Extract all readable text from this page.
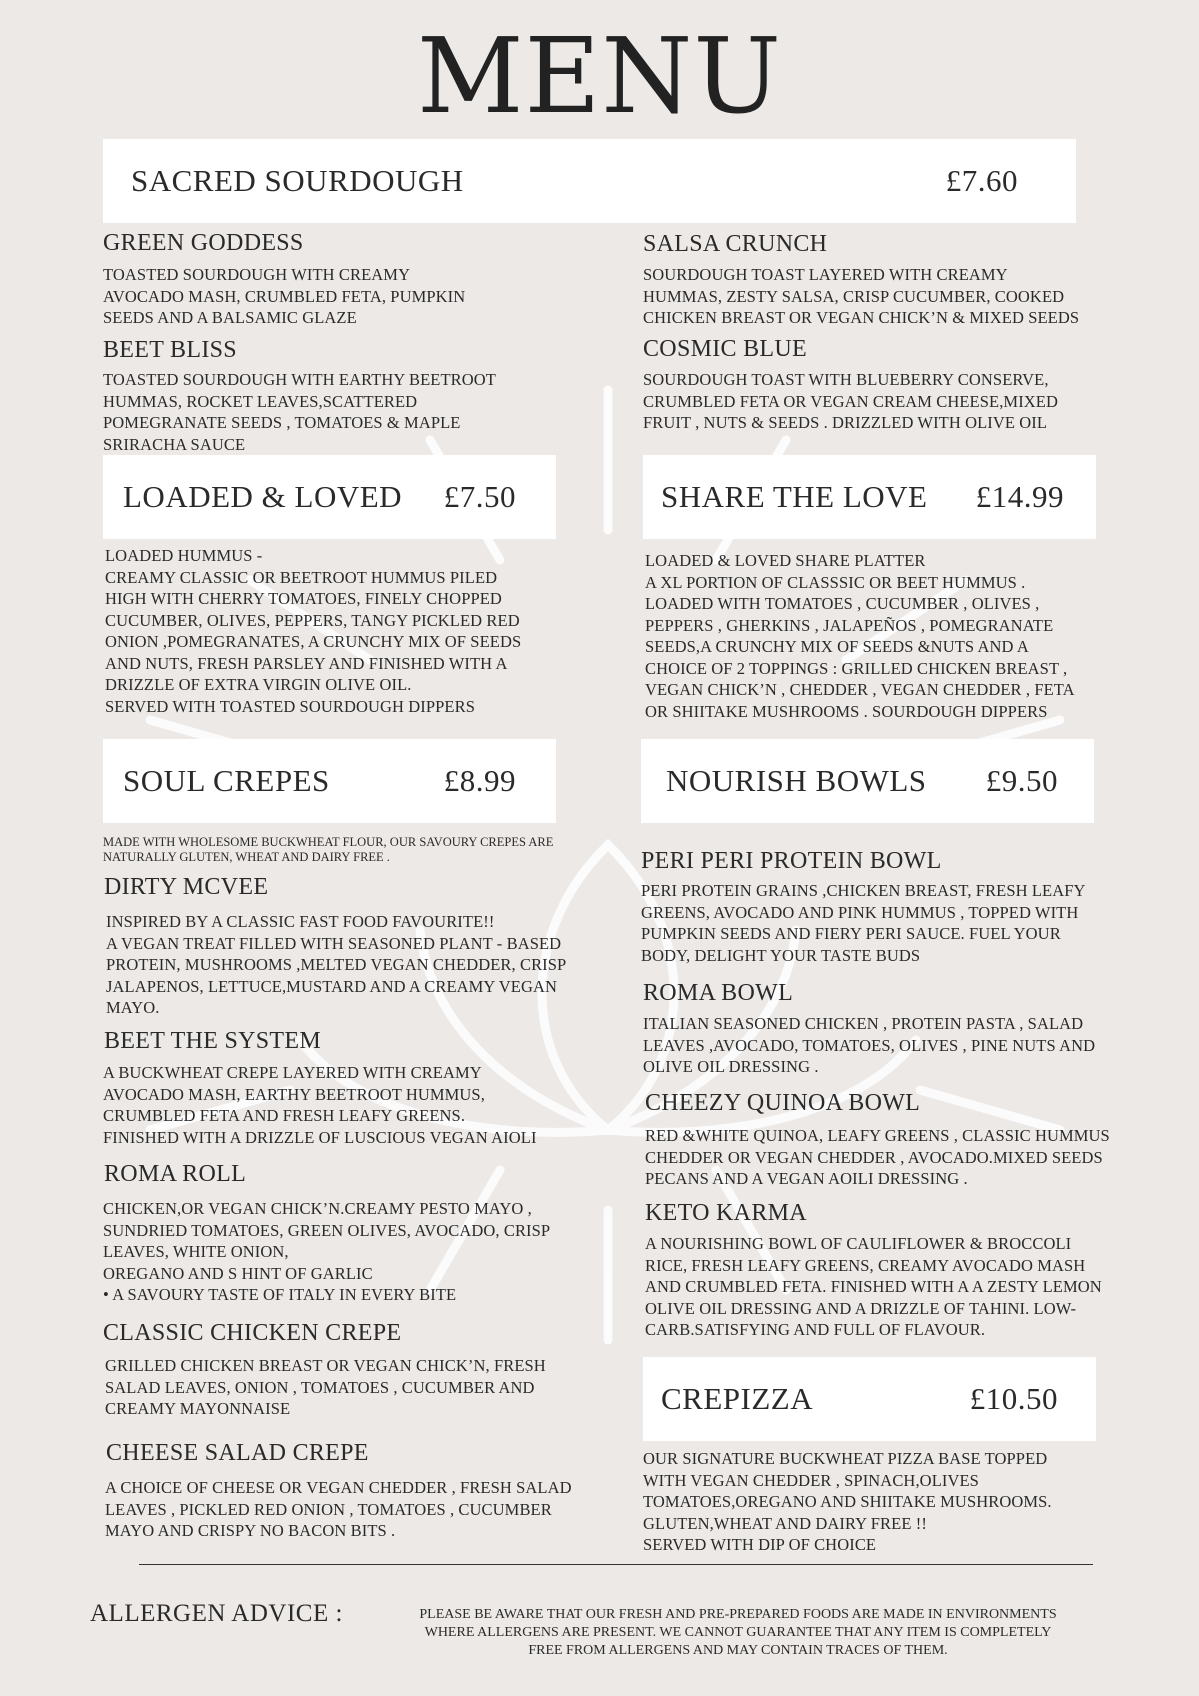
MENU
SACRED SOURDOUGH	£7.60
GREEN GODDESS
TOASTED SOURDOUGH WITH CREAMY
AVOCADO MASH, CRUMBLED FETA, PUMPKIN
SEEDS AND A BALSAMIC GLAZE
SALSA CRUNCH
SOURDOUGH TOAST LAYERED WITH CREAMY
HUMMAS, ZESTY SALSA, CRISP CUCUMBER, COOKED
CHICKEN BREAST OR VEGAN CHICK’N & MIXED SEEDS
BEET BLISS
TOASTED SOURDOUGH WITH EARTHY BEETROOT
HUMMAS, ROCKET LEAVES,SCATTERED
POMEGRANATE SEEDS , TOMATOES & MAPLE
SRIRACHA SAUCE
COSMIC BLUE
SOURDOUGH TOAST WITH BLUEBERRY CONSERVE,
CRUMBLED FETA OR VEGAN CREAM CHEESE,MIXED
FRUIT , NUTS & SEEDS . DRIZZLED WITH OLIVE OIL
LOADED & LOVED £7.50	SHARE THE LOVE £14.99
LOADED HUMMUS -
CREAMY CLASSIC OR BEETROOT HUMMUS PILED
HIGH WITH CHERRY TOMATOES, FINELY CHOPPED
CUCUMBER, OLIVES, PEPPERS, TANGY PICKLED RED
ONION ,POMEGRANATES, A CRUNCHY MIX OF SEEDS
AND NUTS, FRESH PARSLEY AND FINISHED WITH A
DRIZZLE OF EXTRA VIRGIN OLIVE OIL.
SERVED WITH TOASTED SOURDOUGH DIPPERS
LOADED & LOVED SHARE PLATTER
A XL PORTION OF CLASSSIC OR BEET HUMMUS .
LOADED WITH TOMATOES , CUCUMBER , OLIVES ,
PEPPERS , GHERKINS , JALAPEÑOS , POMEGRANATE
SEEDS,A CRUNCHY MIX OF SEEDS &NUTS AND A
CHOICE OF 2 TOPPINGS : GRILLED CHICKEN BREAST ,
VEGAN CHICK’N , CHEDDER , VEGAN CHEDDER , FETA
OR SHIITAKE MUSHROOMS . SOURDOUGH DIPPERS
SOUL CREPES	£8.99	NOURISH BOWLS £9.50
MADE WITH WHOLESOME BUCKWHEAT FLOUR, OUR SAVOURY CREPES ARE
NATURALLY GLUTEN, WHEAT AND DAIRY FREE .
DIRTY MCVEE
INSPIRED BY A CLASSIC FAST FOOD FAVOURITE!!
A VEGAN TREAT FILLED WITH SEASONED PLANT - BASED
PROTEIN, MUSHROOMS ,MELTED VEGAN CHEDDER, CRISP
JALAPENOS, LETTUCE,MUSTARD AND A CREAMY VEGAN
MAYO.
PERI PERI PROTEIN BOWL
PERI PROTEIN GRAINS ,CHICKEN BREAST, FRESH LEAFY
GREENS, AVOCADO AND PINK HUMMUS , TOPPED WITH
PUMPKIN SEEDS AND FIERY PERI SAUCE. FUEL YOUR
BODY, DELIGHT YOUR TASTE BUDS
BEET THE SYSTEM
A BUCKWHEAT CREPE LAYERED WITH CREAMY
AVOCADO MASH, EARTHY BEETROOT HUMMUS,
CRUMBLED FETA AND FRESH LEAFY GREENS.
FINISHED WITH A DRIZZLE OF LUSCIOUS VEGAN AIOLI
ROMA BOWL
ITALIAN SEASONED CHICKEN , PROTEIN PASTA , SALAD
LEAVES ,AVOCADO, TOMATOES, OLIVES , PINE NUTS AND
OLIVE OIL DRESSING .
CHEEZY QUINOA BOWL
RED &WHITE QUINOA, LEAFY GREENS , CLASSIC HUMMUS
CHEDDER OR VEGAN CHEDDER , AVOCADO.MIXED SEEDS
PECANS AND A VEGAN AOILI DRESSING .
ROMA ROLL
CHICKEN,OR VEGAN CHICK’N.CREAMY PESTO MAYO ,
SUNDRIED TOMATOES, GREEN OLIVES, AVOCADO, CRISP
LEAVES, WHITE ONION,
OREGANO AND S HINT OF GARLIC
• A SAVOURY TASTE OF ITALY IN EVERY BITE
KETO KARMA
A NOURISHING BOWL OF CAULIFLOWER & BROCCOLI
RICE, FRESH LEAFY GREENS, CREAMY AVOCADO MASH
AND CRUMBLED FETA. FINISHED WITH A A ZESTY LEMON
OLIVE OIL DRESSING AND A DRIZZLE OF TAHINI. LOW-
CARB.SATISFYING AND FULL OF FLAVOUR.
CLASSIC CHICKEN CREPE
GRILLED CHICKEN BREAST OR VEGAN CHICK’N, FRESH
SALAD LEAVES, ONION , TOMATOES , CUCUMBER AND
CREAMY MAYONNAISE	CREPIZZA	£10.50
CHEESE SALAD CREPE
A CHOICE OF CHEESE OR VEGAN CHEDDER , FRESH SALAD
LEAVES , PICKLED RED ONION , TOMATOES , CUCUMBER
MAYO AND CRISPY NO BACON BITS .
OUR SIGNATURE BUCKWHEAT PIZZA BASE TOPPED
WITH VEGAN CHEDDER , SPINACH,OLIVES
TOMATOES,OREGANO AND SHIITAKE MUSHROOMS.
GLUTEN,WHEAT AND DAIRY FREE !!
SERVED WITH DIP OF CHOICE
ALLERGEN ADVICE :	PLEASE BE AWARE THAT OUR FRESH AND PRE-PREPARED FOODS ARE MADE IN ENVIRONMENTS
WHERE ALLERGENS ARE PRESENT. WE CANNOT GUARANTEE THAT ANY ITEM IS COMPLETELY
FREE FROM ALLERGENS AND MAY CONTAIN TRACES OF THEM.
